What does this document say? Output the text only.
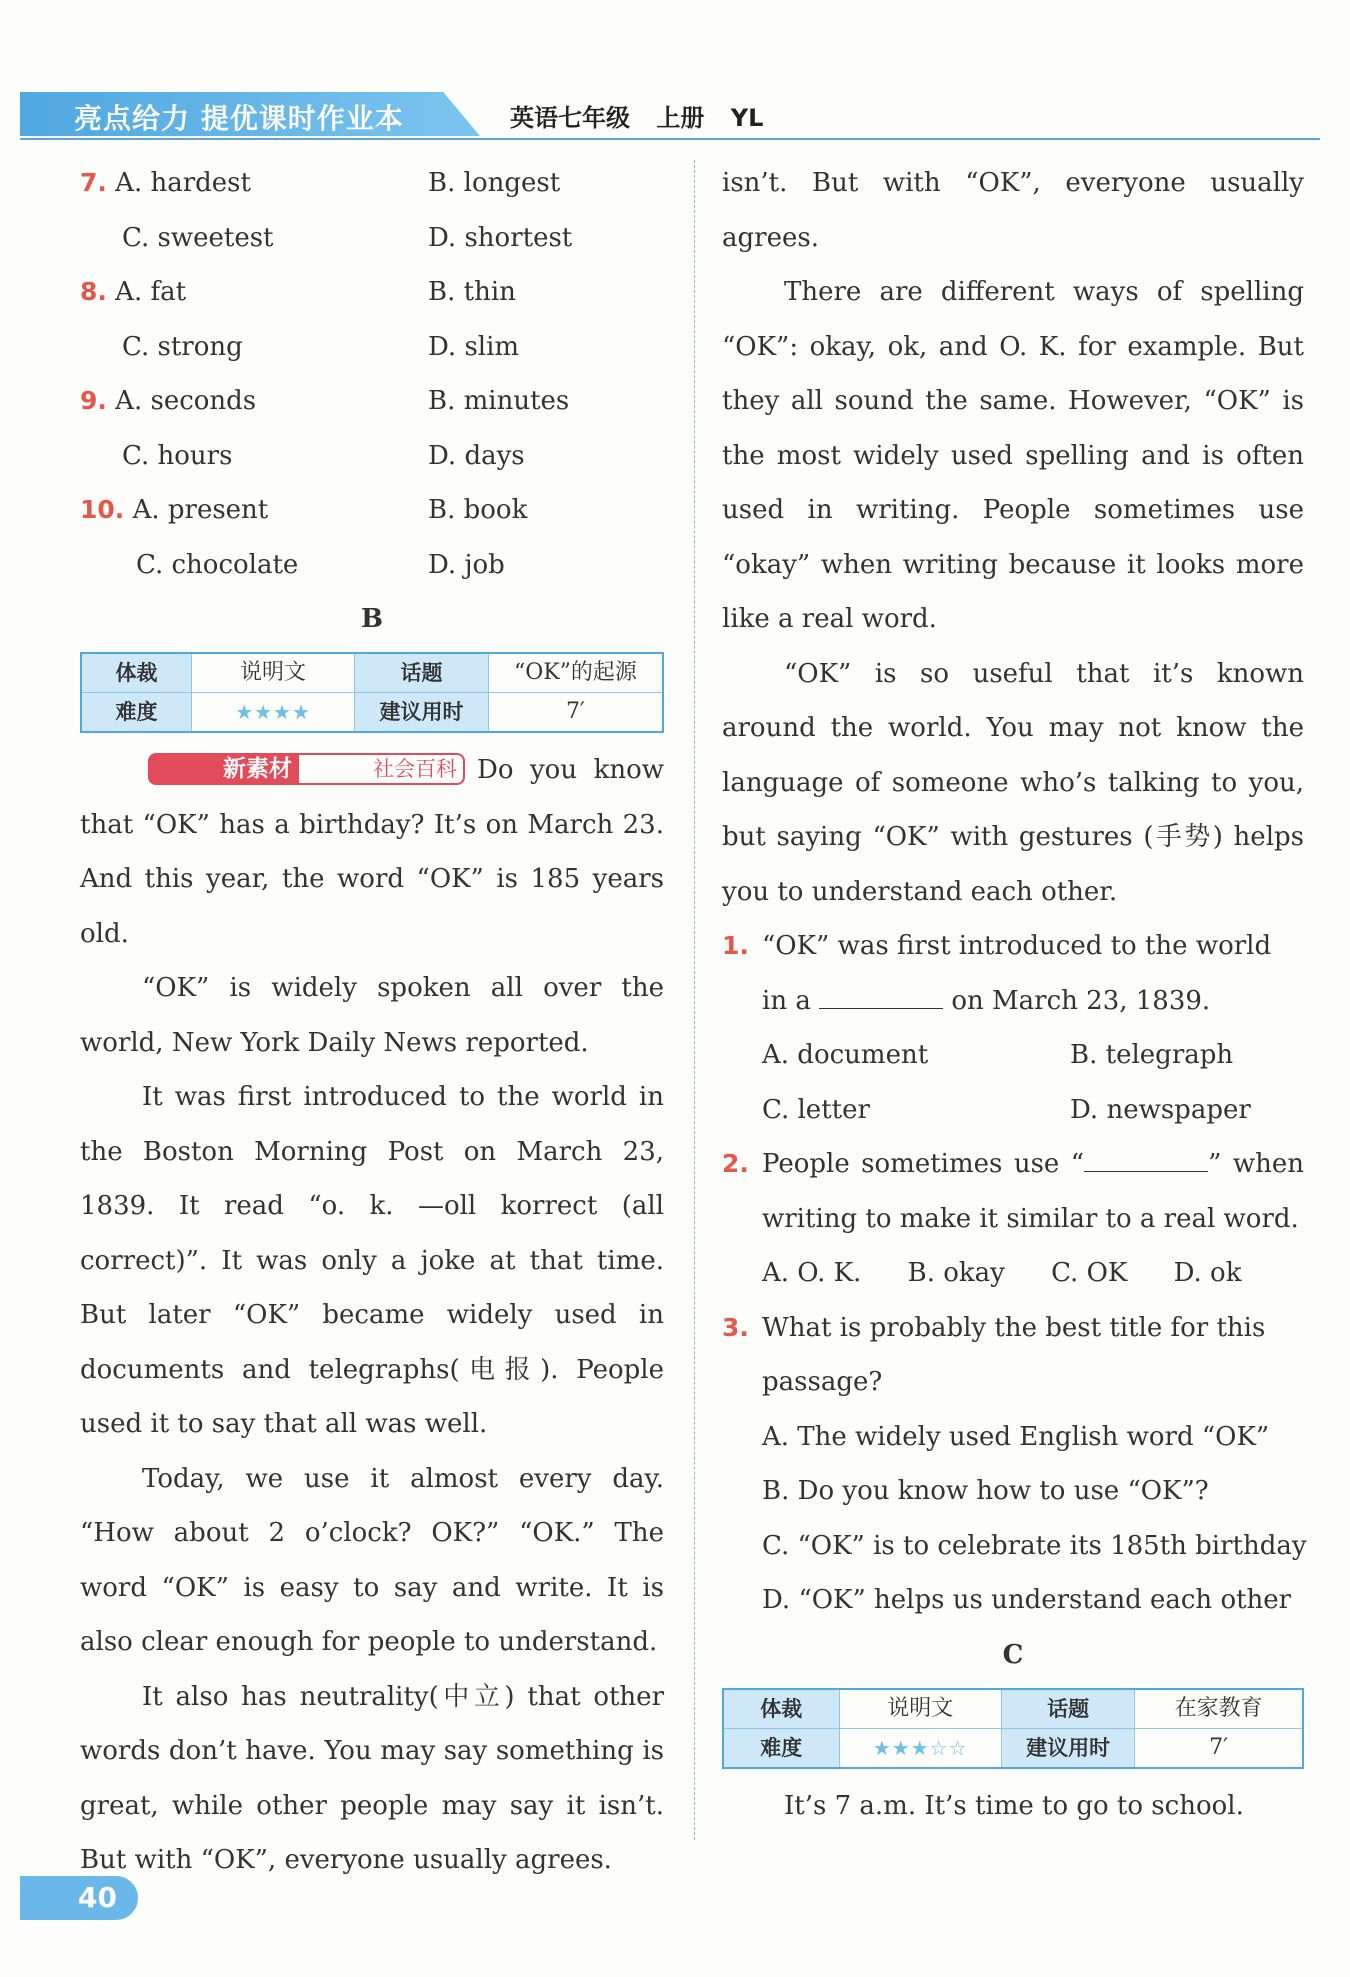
亮点给力 提优课时作业本	英语七年级 上册 YL
7. A. hardest	B. longest
C. sweetest	D. shortest
8. A. fat	B. thin
C. strong	D. slim
9. A. seconds	B. minutes
C. hours	D. days
10. A. present	B. book
C. chocolate	D. job
B
体裁	说明文	话题	“OK”的起源
难度	★★★★	建议用时	7′

新素材	社会百科 Do you know that “OK” has a birthday? It’s on March 23. And this year, the word “OK” is 185 years old.

“OK” is widely spoken all over the world, New York Daily News reported.

It was first introduced to the world in the Boston Morning Post on March 23, 1839. It read “o. k. —oll korrect (all correct)”. It was only a joke at that time. But later “OK” became widely used in documents and telegraphs(电报). People used it to say that all was well.

Today, we use it almost every day. “How about 2 o’clock? OK?” “OK.” The word “OK” is easy to say and write. It is also clear enough for people to understand.

It also has neutrality(中立) that other words don’t have. You may say something is great, while other people may say it isn’t. But with “OK”, everyone usually agrees.

isn’t. But with “OK”, everyone usually agrees.

There are different ways of spelling “OK”: okay, ok, and O. K. for example. But they all sound the same. However, “OK” is the most widely used spelling and is often used in writing. People sometimes use “okay” when writing because it looks more like a real word.

“OK” is so useful that it’s known around the world. You may not know the language of someone who’s talking to you, but saying “OK” with gestures (手势) helps you to understand each other.

1. “OK” was first introduced to the world in a	on March 23, 1839.
A. document	B. telegraph
C. letter	D. newspaper
2. People sometimes use “	” when writing to make it similar to a real word.
A. O. K. B. okay C. OK D. ok
3. What is probably the best title for this passage?
A. The widely used English word “OK”
B. Do you know how to use “OK”?
C. “OK” is to celebrate its 185th birthday
D. “OK” helps us understand each other
C
体裁	说明文	话题	在家教育
难度	★★★☆☆	建议用时	7′

It’s 7 a.m. It’s time to go to school.

40
